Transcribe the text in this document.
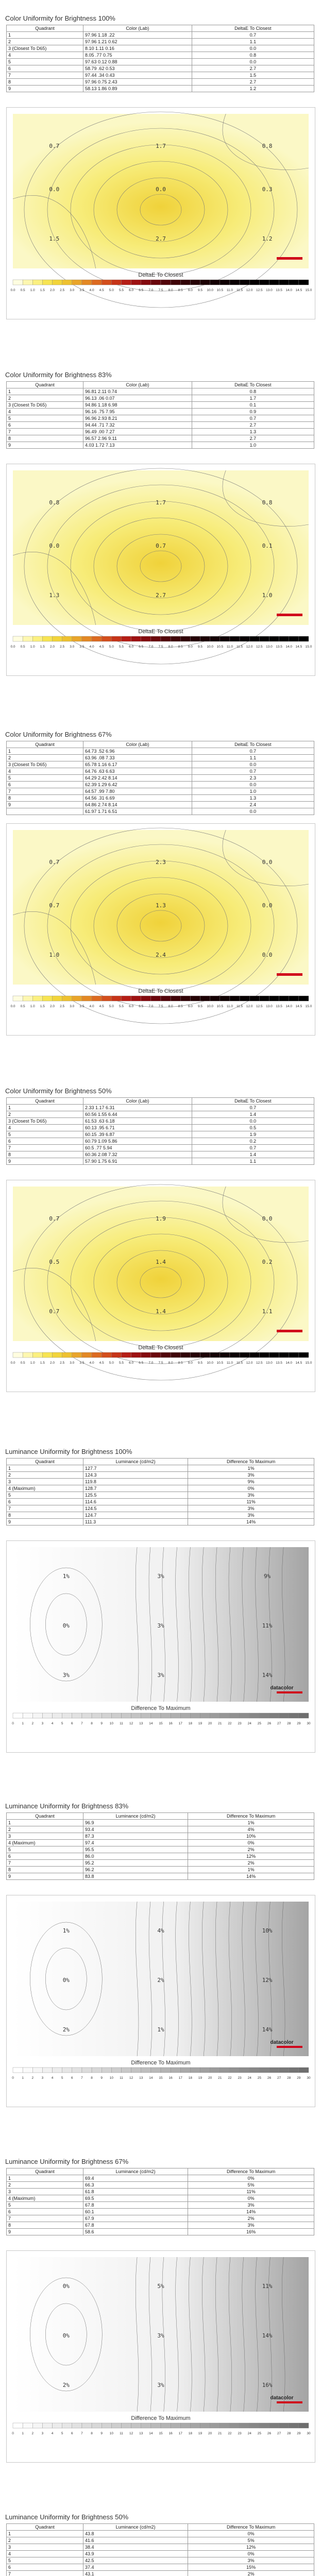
Color Uniformity for Brightness 100%
Quadrant	Color (Lab)	DeltaE To Closest
1	97.96 1.18 .22	0.7
2	97.96 1.21 0.62	1.1
3 (Closest To D65)	8.10 1.11 0.16	0.0
4	8.05 .77 0.75	0.8
5	97.63 0.12 0.88	0.0
6	58.79 .62 0.53	2.7
7	97.44 .34 0.43	1.5
8	97.96 0.75 2.43	2.7
9	58.13 1.86 0.89	1.2
0.7	1.7	0.8
0.0	0.0	0.3
1.5	2.7	1.2
DeltaE To Closest
0.0 0.5 1.0 1.5 2.0 2.5 3.0 3.5 4.0 4.5 5.0 5.5 6.0 6.5 7.0 7.5 8.0 8.5 9.0 9.5 10.0 10.5 11.0 11.5 12.0 12.5 13.0 13.5 14.0 14.5 15.0
Color Uniformity for Brightness 83%
Quadrant	Color (Lab)	DeltaE To Closest
1	96.81 2.11 0.74	0.8
2	96.13 .06 0.07	1.7
3 (Closest To D65)	94.86 1.18 6.98	0.1
4	96.16 .75 7.95	0.9
5	96.96 2.93 8.21	0.7
6	94.44 .71 7.32	2.7
7	96.49 .00 7.27	1.3
8	96.57 2.96 9.11	2.7
9	4.03 1.72 7.13	1.0
0.8	1.7	0.8
0.0	0.7	0.1
1.3	2.7	1.0
DeltaE To Closest
0.0 0.5 1.0 1.5 2.0 2.5 3.0 3.5 4.0 4.5 5.0 5.5 6.0 6.5 7.0 7.5 8.0 8.5 9.0 9.5 10.0 10.5 11.0 11.5 12.0 12.5 13.0 13.5 14.0 14.5 15.0
Color Uniformity for Brightness 67%
Quadrant	Color (Lab)	DeltaE To Closest
1	64.73 .52 6.96	0.7
2	63.96 .08 7.33	1.1
3 (Closest To D65)	65.78 1.16 6.17	0.0
4	64.76 .63 6.63	0.7
5	64.29 2.42 8.14	2.3
6	62.39 1.29 6.42	0.0
7	64.57 .99 7.80	1.0
8	64.56 .31 6.69	1.3
9	64.86 2.74 8.14	2.4
	61.97 1.71 6.51	0.0
0.7	2.3	0.0
0.7	1.3	0.0
1.0	2.4	0.0
DeltaE To Closest
0.0 0.5 1.0 1.5 2.0 2.5 3.0 3.5 4.0 4.5 5.0 5.5 6.0 6.5 7.0 7.5 8.0 8.5 9.0 9.5 10.0 10.5 11.0 11.5 12.0 12.5 13.0 13.5 14.0 14.5 15.0
Color Uniformity for Brightness 50%
Quadrant	Color (Lab)	DeltaE To Closest
1	2.33 1.17 6.31	0.7
2	60.56 1.55 6.44	1.4
3 (Closest To D65)	61.53 .63 6.18	0.0
4	60.13 .95 6.71	0.5
5	60.15 .39 6.87	1.9
6	60.79 1.09 5.86	0.2
7	60.5 .77 5.94	0.7
8	60.36 2.08 7.32	1.4
9	57.90 1.75 6.91	1.1
0.7	1.9	0.0
0.5	1.4	0.2
0.7	1.4	1.1
DeltaE To Closest
0.0 0.5 1.0 1.5 2.0 2.5 3.0 3.5 4.0 4.5 5.0 5.5 6.0 6.5 7.0 7.5 8.0 8.5 9.0 9.5 10.0 10.5 11.0 11.5 12.0 12.5 13.0 13.5 14.0 14.5 15.0
Luminance Uniformity for Brightness 100%
Quadrant	Luminance (cd/m2)	Difference To Maximum
1	127.7	1%
2	124.3	3%
3	119.8	9%
4 (Maximum)	128.7	0%
5	125.5	3%
6	114.6	11%
7	124.5	3%
8	124.7	3%
9	111.3	14%
1%	3%	9%
0%	3%	11%
3%	3%	14%
datacolor
Difference To Maximum
0 1 2 3 4 5 6 7 8 9 10 11 12 13 14 15 16 17 18 19 20 21 22 23 24 25 26 27 28 29 30
Luminance Uniformity for Brightness 83%
Quadrant	Luminance (cd/m2)	Difference To Maximum
1	96.9	1%
2	93.4	4%
3	87.3	10%
4 (Maximum)	97.4	0%
5	95.5	2%
6	86.0	12%
7	95.2	2%
8	96.2	1%
9	83.8	14%
1%	4%	10%
0%	2%	12%
2%	1%	14%
datacolor
Difference To Maximum
0 1 2 3 4 5 6 7 8 9 10 11 12 13 14 15 16 17 18 19 20 21 22 23 24 25 26 27 28 29 30
Luminance Uniformity for Brightness 67%
Quadrant	Luminance (cd/m2)	Difference To Maximum
1	69.4	0%
2	66.3	5%
3	61.8	11%
4 (Maximum)	69.5	0%
5	67.8	3%
6	60.1	14%
7	67.9	2%
8	67.8	3%
9	58.6	16%
0%	5%	11%
0%	3%	14%
2%	3%	16%
datacolor
Difference To Maximum
0 1 2 3 4 5 6 7 8 9 10 11 12 13 14 15 16 17 18 19 20 21 22 23 24 25 26 27 28 29 30
Luminance Uniformity for Brightness 50%
Quadrant	Luminance (cd/m2)	Difference To Maximum
1	43.8	0%
2	41.6	5%
3	38.4	12%
4	43.9	0%
5	42.5	3%
6	37.4	15%
7	43.1	2%
